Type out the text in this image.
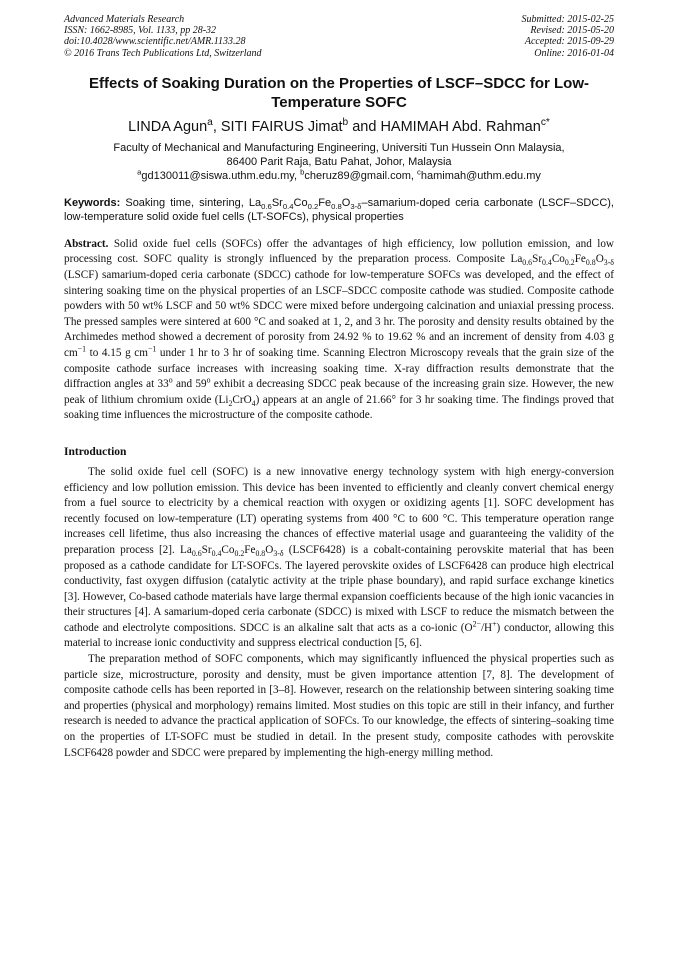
Advanced Materials Research
ISSN: 1662-8985, Vol. 1133, pp 28-32
doi:10.4028/www.scientific.net/AMR.1133.28
© 2016 Trans Tech Publications Ltd, Switzerland
Submitted: 2015-02-25
Revised: 2015-05-20
Accepted: 2015-09-29
Online: 2016-01-04
Effects of Soaking Duration on the Properties of LSCF–SDCC for Low-Temperature SOFC
LINDA Agun$^a$, SITI FAIRUS Jimat$^b$ and HAMIMAH Abd. Rahman$^{c*}$
Faculty of Mechanical and Manufacturing Engineering, Universiti Tun Hussein Onn Malaysia,
86400 Parit Raja, Batu Pahat, Johor, Malaysia
$^a$gd130011@siswa.uthm.edu.my, $^b$cheruz89@gmail.com, $^c$hamimah@uthm.edu.my
Keywords: Soaking time, sintering, $La_{0.6}Sr_{0.4}Co_{0.2}Fe_{0.8}O_{3-\delta}-samarium$-doped ceria carbonate (LSCF–SDCC), low-temperature solid oxide fuel cells (LT-SOFCs), physical properties
Abstract. Solid oxide fuel cells (SOFCs) offer the advantages of high efficiency, low pollution emission, and low processing cost. SOFC quality is strongly influenced by the preparation process. Composite $La_{0.6}Sr_{0.4}Co_{0.2}Fe_{0.8}O_{3-\delta}$ (LSCF) samarium-doped ceria carbonate (SDCC) cathode for low-temperature SOFCs was developed, and the effect of sintering soaking time on the physical properties of an LSCF–SDCC composite cathode was studied. Composite cathode powders with 50 wt% LSCF and 50 wt% SDCC were mixed before undergoing calcination and uniaxial pressing process. The pressed samples were sintered at 600 °C and soaked at 1, 2, and 3 hr. The porosity and density results obtained by the Archimedes method showed a decrement of porosity from 24.92 % to 19.62 % and an increment of density from 4.03 g $cm^{-1}$ to 4.15 g $cm^{-1}$ under 1 hr to 3 hr of soaking time. Scanning Electron Microscopy reveals that the grain size of the composite cathode surface increases with increasing soaking time. X-ray diffraction results demonstrate that the diffraction angles at 33$^o$ and 59$^o$ exhibit a decreasing SDCC peak because of the increasing grain size. However, the new peak of lithium chromium oxide $(Li_2CrO_4)$ appears at an angle of 21.66° for 3 hr soaking time. The findings proved that soaking time influences the microstructure of the composite cathode.
Introduction
The solid oxide fuel cell (SOFC) is a new innovative energy technology system with high energy-conversion efficiency and low pollution emission. This device has been invented to efficiently and cleanly convert chemical energy from a fuel source to electricity by a chemical reaction with oxygen or oxidizing agents [1]. SOFC development has recently focused on low-temperature (LT) operating systems from 400 °C to 600 °C. This temperature operation range increases cell lifetime, thus also increasing the chances of effective material usage and guaranteeing the validity of the preparation process [2]. $La_{0.6}Sr_{0.4}Co_{0.2}Fe_{0.8}O_{3-\delta}$ (LSCF6428) is a cobalt-containing perovskite material that has been proposed as a cathode candidate for LT-SOFCs. The layered perovskite oxides of LSCF6428 can produce high electrical conductivity, fast oxygen diffusion (catalytic activity at the triple phase boundary), and rapid surface exchange kinetics [3]. However, Co-based cathode materials have large thermal expansion coefficients because of the high ionic vacancies in their structures [4]. A samarium-doped ceria carbonate (SDCC) is mixed with LSCF to reduce the mismatch between the cathode and electrolyte compositions. SDCC is an alkaline salt that acts as a co-ionic $(O^{2-}/H^+)$ conductor, allowing this material to increase ionic conductivity and suppress electrical conduction [5, 6].
The preparation method of SOFC components, which may significantly influenced the physical properties such as particle size, microstructure, porosity and density, must be given importance attention [7, 8]. The development of composite cathode cells has been reported in [3–8]. However, research on the relationship between sintering soaking time and properties (physical and morphology) remains limited. Most studies on this topic are still in their infancy, and further research is needed to advance the practical application of SOFCs. To our knowledge, the effects of sintering–soaking time on the properties of LT-SOFC must be studied in detail. In the present study, composite cathodes with perovskite LSCF6428 powder and SDCC were prepared by implementing the high-energy milling method.
